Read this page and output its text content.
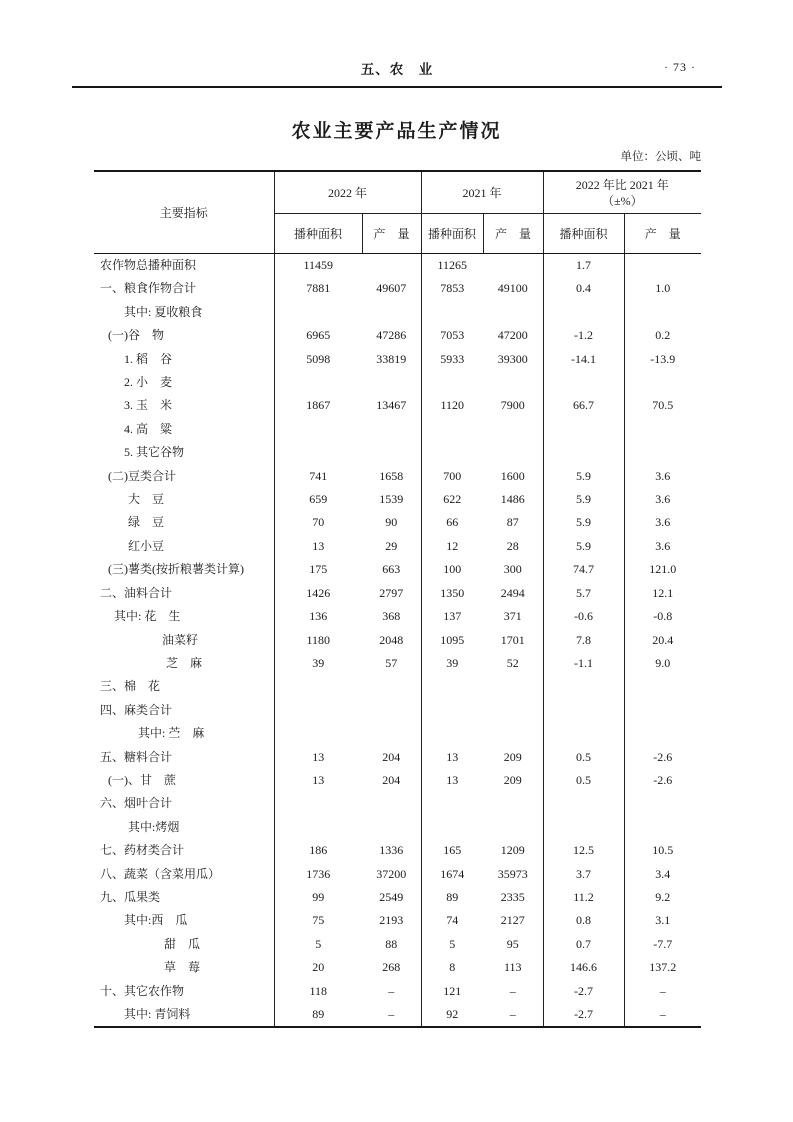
五、农　业	· 73 ·
农业主要产品生产情况
单位：公顷、吨
主要指标	2022 年		2021 年		2022 年比 2021 年
（±%）	

	播种面积	产　量	播种面积	产　量	播种面积	产　量
农作物总播种面积	11459		11265		1.7	
一、粮食作物合计	7881	49607	7853	49100	0.4	1.0
其中: 夏收粮食						
(一)谷　物	6965	47286	7053	47200	-1.2	0.2
1. 稻　谷	5098	33819	5933	39300	-14.1	-13.9
2. 小　麦						
3. 玉　米	1867	13467	1120	7900	66.7	70.5
4. 高　粱						
5. 其它谷物						
(二)豆类合计	741	1658	700	1600	5.9	3.6
大　豆	659	1539	622	1486	5.9	3.6
绿　豆	70	90	66	87	5.9	3.6
红小豆	13	29	12	28	5.9	3.6
(三)薯类(按折粮薯类计算)	175	663	100	300	74.7	121.0
二、油料合计	1426	2797	1350	2494	5.7	12.1
其中: 花　生	136	368	137	371	-0.6	-0.8
油菜籽	1180	2048	1095	1701	7.8	20.4
芝　麻	39	57	39	52	-1.1	9.0
三、棉　花						
四、麻类合计						
其中: 苎　麻						
五、糖料合计	13	204	13	209	0.5	-2.6
(一)、甘　蔗	13	204	13	209	0.5	-2.6
六、烟叶合计						
其中:烤烟						
七、药材类合计	186	1336	165	1209	12.5	10.5
八、蔬菜（含菜用瓜）	1736	37200	1674	35973	3.7	3.4
九、瓜果类	99	2549	89	2335	11.2	9.2
其中:西　瓜	75	2193	74	2127	0.8	3.1
甜　瓜	5	88	5	95	0.7	-7.7
草　莓	20	268	8	113	146.6	137.2
十、其它农作物	118	–	121	–	-2.7	–
其中: 青饲料	89	–	92	–	-2.7	–
